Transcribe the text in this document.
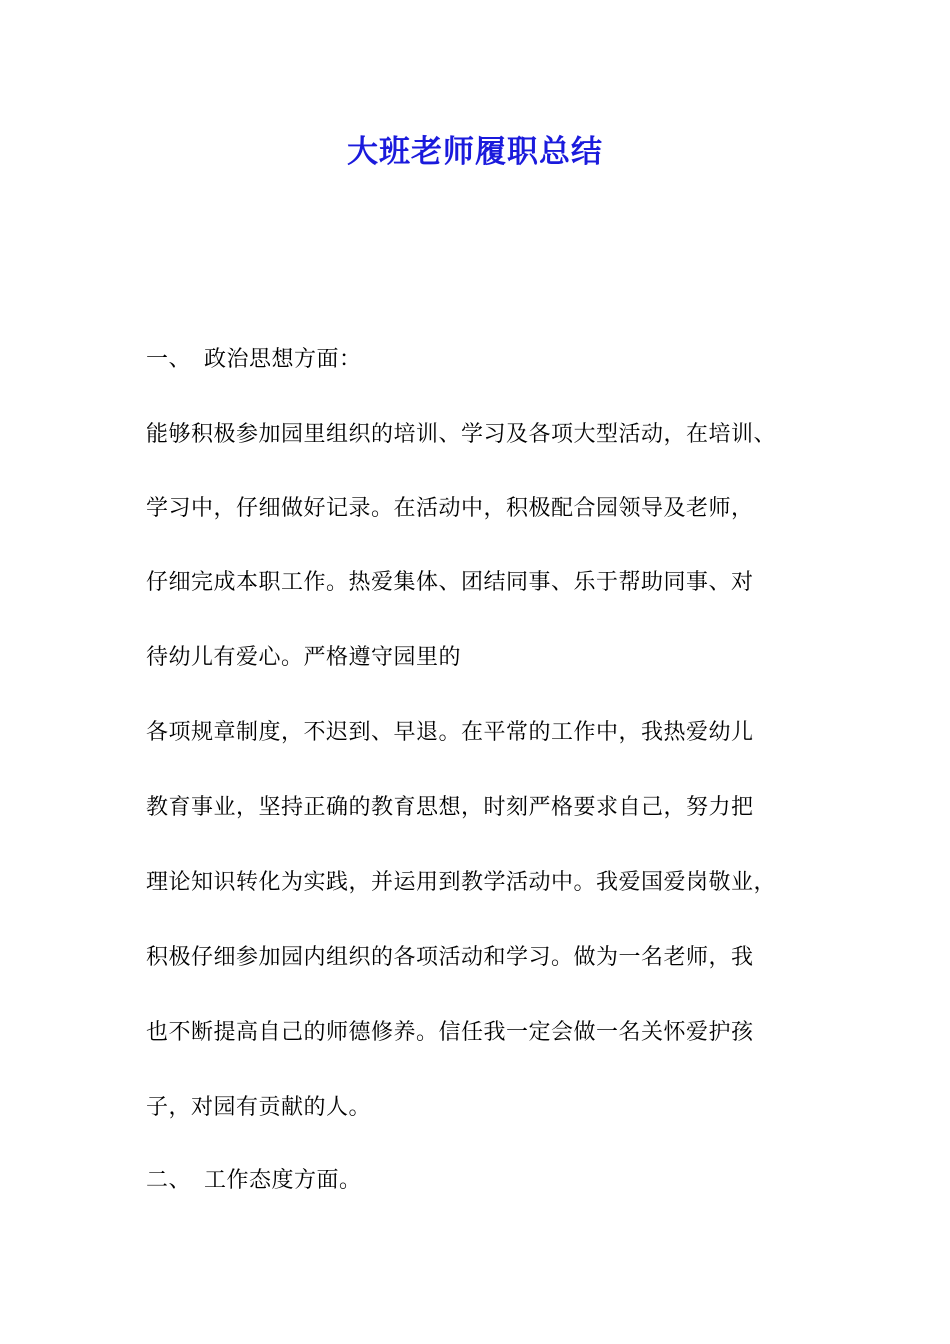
大班老师履职总结

一、 政治思想方面：

能够积极参加园里组织的培训、学习及各项大型活动，在培训、

学习中，仔细做好记录。在活动中，积极配合园领导及老师，

仔细完成本职工作。热爱集体、团结同事、乐于帮助同事、对

待幼儿有爱心。严格遵守园里的

各项规章制度，不迟到、早退。在平常的工作中，我热爱幼儿

教育事业，坚持正确的教育思想，时刻严格要求自己，努力把

理论知识转化为实践，并运用到教学活动中。我爱国爱岗敬业，

积极仔细参加园内组织的各项活动和学习。做为一名老师，我

也不断提高自己的师德修养。信任我一定会做一名关怀爱护孩

子，对园有贡献的人。

二、 工作态度方面。
